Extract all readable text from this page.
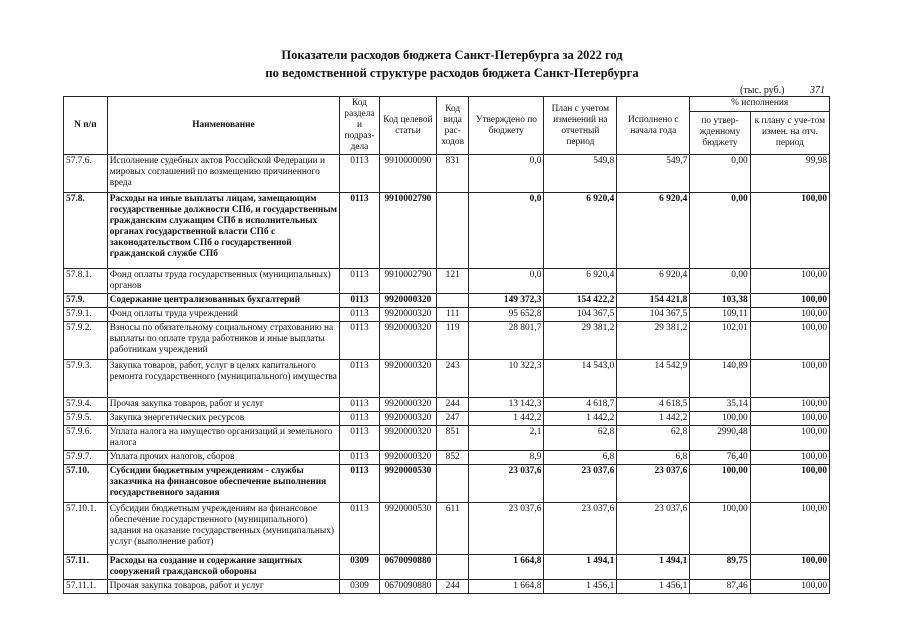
Показатели расходов бюджета Санкт-Петербурга за 2022 год
по ведомственной структуре расходов бюджета Санкт-Петербурга
(тыс. руб.)	371
N п/п	Наименование	Код раздела и подраз-дела	Код целевой статьи	Код вида рас-ходов	Утверждено по бюджету	План с учетом изменений на отчетный период	Исполнено с начала года	% исполнения	
								по утвер-жденному бюджету	к плану с уче-том измен. на отч. период
57.7.6.	Исполнение судебных актов Российской Федерации и мировых соглашений по возмещению причиненного вреда	0113	9910000090	831	0,0	549,8	549,7	0,00	99,98
57.8.	Расходы на иные выплаты лицам, замещающим государственные должности СПб, и государственным гражданским служащим СПб в исполнительных органах государственной власти СПб с законодательством СПб о государственной гражданской службе СПб	0113	9910002790		0,0	6 920,4	6 920,4	0,00	100,00
57.8.1.	Фонд оплаты труда государственных (муниципальных) органов	0113	9910002790	121	0,0	6 920,4	6 920,4	0,00	100,00
57.9.	Содержание централизованных бухгалтерий	0113	9920000320		149 372,3	154 422,2	154 421,8	103,38	100,00
57.9.1.	Фонд оплаты труда учреждений	0113	9920000320	111	95 652,8	104 367,5	104 367,5	109,11	100,00
57.9.2.	Взносы по обязательному социальному страхованию на выплаты по оплате труда работников и иные выплаты работникам учреждений	0113	9920000320	119	28 801,7	29 381,2	29 381,2	102,01	100,00
57.9.3.	Закупка товаров, работ, услуг в целях капитального ремонта государственного (муниципального) имущества	0113	9920000320	243	10 322,3	14 543,0	14 542,9	140,89	100,00
57.9.4.	Прочая закупка товаров, работ и услуг	0113	9920000320	244	13 142,3	4 618,7	4 618,5	35,14	100,00
57.9.5.	Закупка энергетических ресурсов	0113	9920000320	247	1 442,2	1 442,2	1 442,2	100,00	100,00
57.9.6.	Уплата налога на имущество организаций и земельного налога	0113	9920000320	851	2,1	62,8	62,8	2990,48	100,00
57.9.7.	Уплата прочих налогов, сборов	0113	9920000320	852	8,9	6,8	6,8	76,40	100,00
57.10.	Субсидии бюджетным учреждениям - службы заказчика на финансовое обеспечение выполнения государственного задания	0113	9920000530		23 037,6	23 037,6	23 037,6	100,00	100,00
57.10.1.	Субсидии бюджетным учреждениям на финансовое обеспечение государственного (муниципального) задания на оказание государственных (муниципальных) услуг (выполнение работ)	0113	9920000530	611	23 037,6	23 037,6	23 037,6	100,00	100,00
57.11.	Расходы на создание и содержание защитных сооружений гражданской обороны	0309	0670090880		1 664,8	1 494,1	1 494,1	89,75	100,00
57.11.1.	Прочая закупка товаров, работ и услуг	0309	0670090880	244	1 664,8	1 456,1	1 456,1	87,46	100,00
